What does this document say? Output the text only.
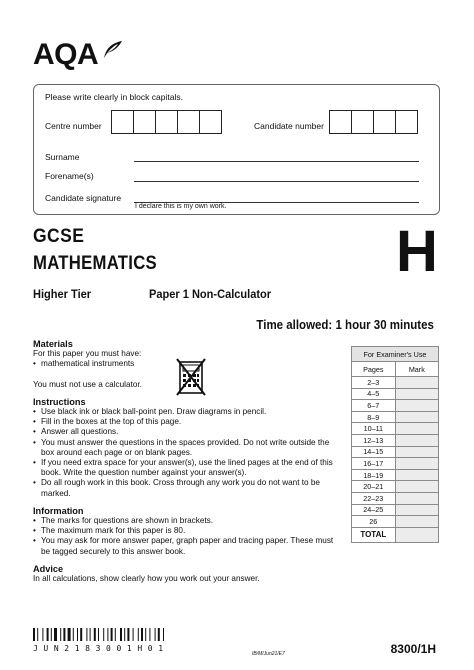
AQA
Please write clearly in block capitals.
Centre number	Candidate number
Surname
Forename(s)
Candidate signature
I declare this is my own work.
GCSE
MATHEMATICS	H
Higher Tier	Paper 1 Non-Calculator
Time allowed: 1 hour 30 minutes
Materials
For this paper you must have:
• mathematical instruments
You must not use a calculator.
Instructions
• Use black ink or black ball-point pen. Draw diagrams in pencil.
• Fill in the boxes at the top of this page.
• Answer all questions.
• You must answer the questions in the spaces provided. Do not write outside the box around each page or on blank pages.
• If you need extra space for your answer(s), use the lined pages at the end of this book. Write the question number against your answer(s).
• Do all rough work in this book. Cross through any work you do not want to be marked.
Information
• The marks for questions are shown in brackets.
• The maximum mark for this paper is 80.
• You may ask for more answer paper, graph paper and tracing paper. These must be tagged securely to this answer book.
Advice
In all calculations, show clearly how you work out your answer.
For Examiner's Use	
Pages	Mark
2–3	
4–5	
6–7	
8–9	
10–11	
12–13	
14–15	
16–17	
18–19	
20–21	
22–23	
24–25	
26	
TOTAL	
J U N 2 1 8 3 0 0 1 H 0 1
IB/M/Jun21/E7	8300/1H
